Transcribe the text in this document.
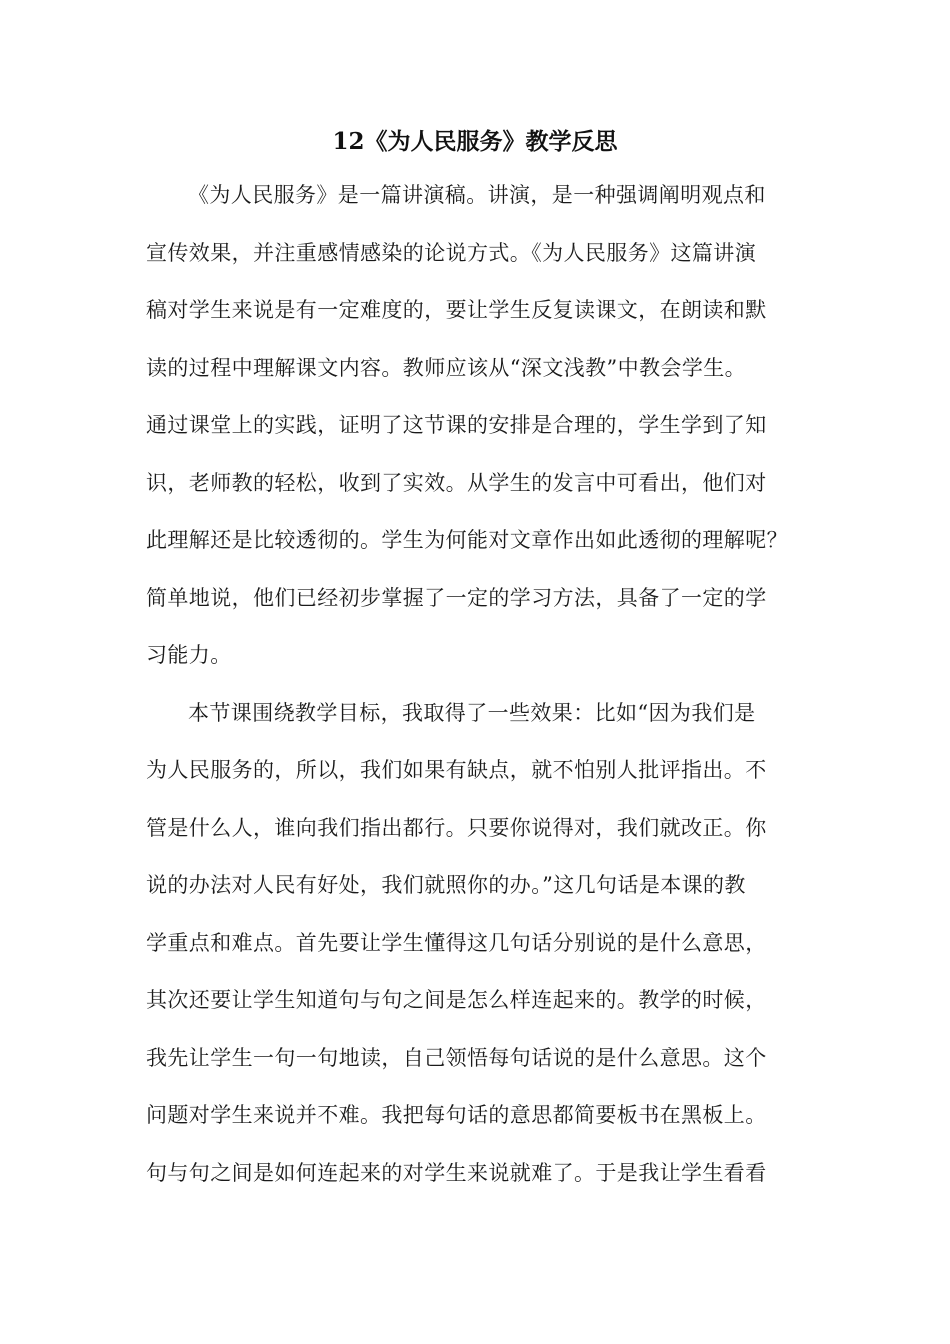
12《为人民服务》教学反思
《为人民服务》是一篇讲演稿。讲演，是一种强调阐明观点和
宣传效果，并注重感情感染的论说方式。《为人民服务》这篇讲演
稿对学生来说是有一定难度的，要让学生反复读课文，在朗读和默
读的过程中理解课文内容。教师应该从“深文浅教”中教会学生。
通过课堂上的实践，证明了这节课的安排是合理的，学生学到了知
识，老师教的轻松，收到了实效。从学生的发言中可看出，他们对
此理解还是比较透彻的。学生为何能对文章作出如此透彻的理解呢？
简单地说，他们已经初步掌握了一定的学习方法，具备了一定的学
习能力。
本节课围绕教学目标，我取得了一些效果：比如“因为我们是
为人民服务的，所以，我们如果有缺点，就不怕别人批评指出。不
管是什么人，谁向我们指出都行。只要你说得对，我们就改正。你
说的办法对人民有好处，我们就照你的办。”这几句话是本课的教
学重点和难点。首先要让学生懂得这几句话分别说的是什么意思，
其次还要让学生知道句与句之间是怎么样连起来的。教学的时候，
我先让学生一句一句地读，自己领悟每句话说的是什么意思。这个
问题对学生来说并不难。我把每句话的意思都简要板书在黑板上。
句与句之间是如何连起来的对学生来说就难了。于是我让学生看看
